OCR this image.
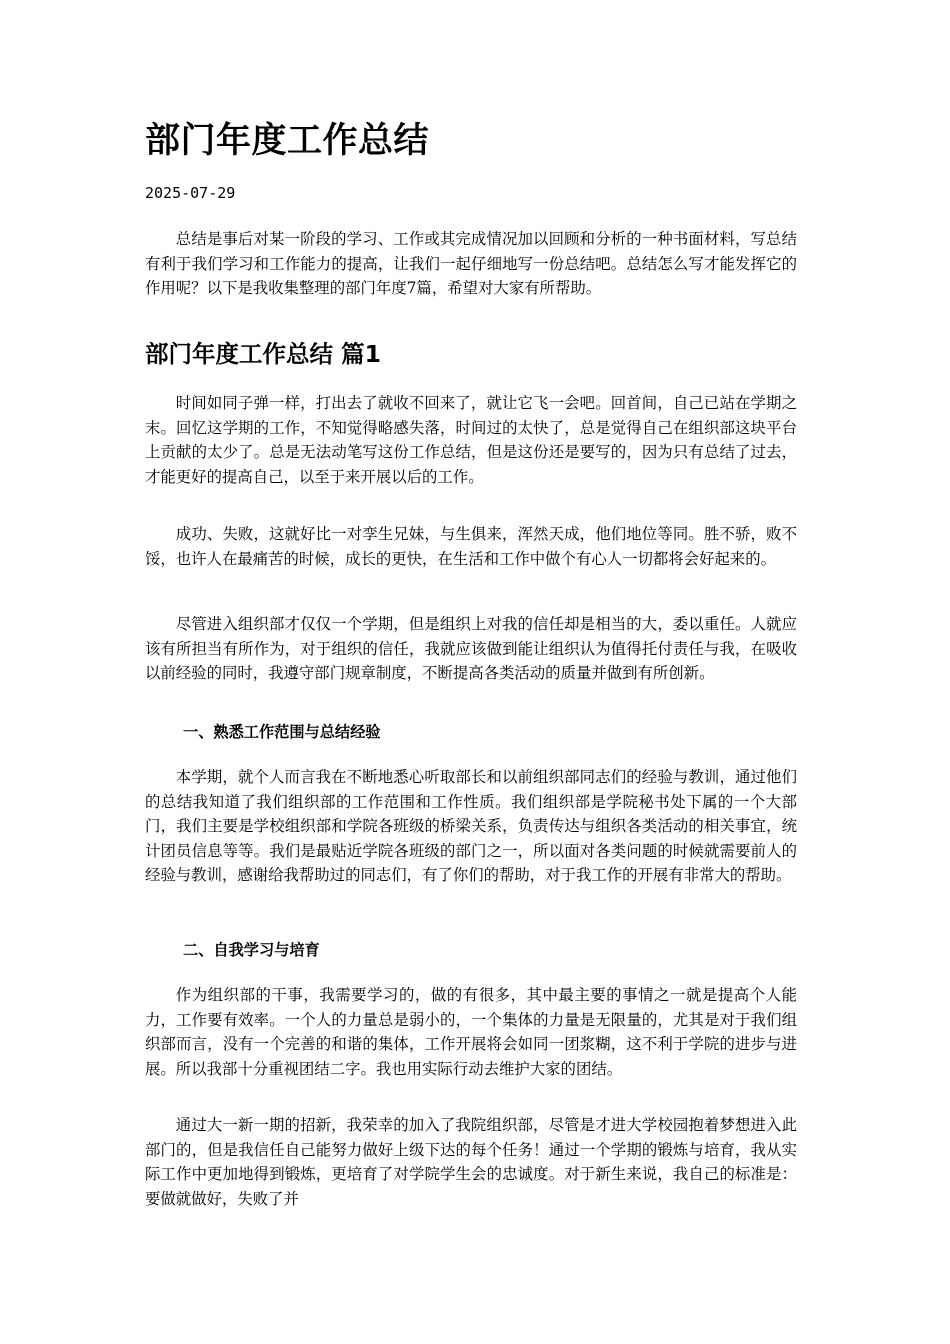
部门年度工作总结
2025-07-29

总结是事后对某一阶段的学习、工作或其完成情况加以回顾和分析的一种书面材料，写总结有利于我们学习和工作能力的提高，让我们一起仔细地写一份总结吧。总结怎么写才能发挥它的作用呢？以下是我收集整理的部门年度7篇，希望对大家有所帮助。

部门年度工作总结 篇1

时间如同子弹一样，打出去了就收不回来了，就让它飞一会吧。回首间，自己已站在学期之末。回忆这学期的工作，不知觉得略感失落，时间过的太快了，总是觉得自己在组织部这块平台上贡献的太少了。总是无法动笔写这份工作总结，但是这份还是要写的，因为只有总结了过去，才能更好的提高自己，以至于来开展以后的工作。

成功、失败，这就好比一对孪生兄妹，与生俱来，浑然天成，他们地位等同。胜不骄，败不馁，也许人在最痛苦的时候，成长的更快，在生活和工作中做个有心人一切都将会好起来的。

尽管进入组织部才仅仅一个学期，但是组织上对我的信任却是相当的大，委以重任。人就应该有所担当有所作为，对于组织的信任，我就应该做到能让组织认为值得托付责任与我，在吸收以前经验的同时，我遵守部门规章制度，不断提高各类活动的质量并做到有所创新。

一、熟悉工作范围与总结经验

本学期，就个人而言我在不断地悉心听取部长和以前组织部同志们的经验与教训，通过他们的总结我知道了我们组织部的工作范围和工作性质。我们组织部是学院秘书处下属的一个大部门，我们主要是学校组织部和学院各班级的桥梁关系，负责传达与组织各类活动的相关事宜，统计团员信息等等。我们是最贴近学院各班级的部门之一，所以面对各类问题的时候就需要前人的经验与教训，感谢给我帮助过的同志们，有了你们的帮助，对于我工作的开展有非常大的帮助。

二、自我学习与培育

作为组织部的干事，我需要学习的，做的有很多，其中最主要的事情之一就是提高个人能力，工作要有效率。一个人的力量总是弱小的，一个集体的力量是无限量的，尤其是对于我们组织部而言，没有一个完善的和谐的集体，工作开展将会如同一团浆糊，这不利于学院的进步与进展。所以我部十分重视团结二字。我也用实际行动去维护大家的团结。

通过大一新一期的招新，我荣幸的加入了我院组织部，尽管是才进大学校园抱着梦想进入此部门的，但是我信任自己能努力做好上级下达的每个任务！通过一个学期的锻炼与培育，我从实际工作中更加地得到锻炼，更培育了对学院学生会的忠诚度。对于新生来说，我自己的标准是：要做就做好，失败了并
